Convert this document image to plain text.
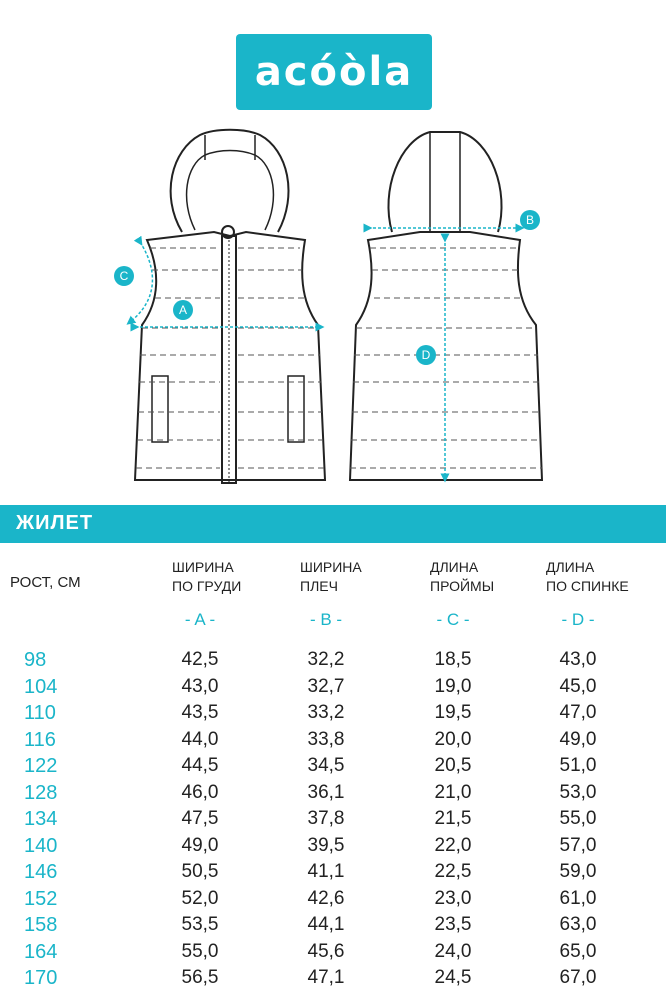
acóòla
A
B
C
D
ЖИЛЕТ
РОСТ, СМ
ШИРИНА
ПО ГРУДИ
ШИРИНА
ПЛЕЧ
ДЛИНА
ПРОЙМЫ
ДЛИНА
ПО СПИНКЕ
- A -	- B -	- C -	- D -
98	42,5	32,2	18,5	43,0
104	43,0	32,7	19,0	45,0
110	43,5	33,2	19,5	47,0
116	44,0	33,8	20,0	49,0
122	44,5	34,5	20,5	51,0
128	46,0	36,1	21,0	53,0
134	47,5	37,8	21,5	55,0
140	49,0	39,5	22,0	57,0
146	50,5	41,1	22,5	59,0
152	52,0	42,6	23,0	61,0
158	53,5	44,1	23,5	63,0
164	55,0	45,6	24,0	65,0
170	56,5	47,1	24,5	67,0
